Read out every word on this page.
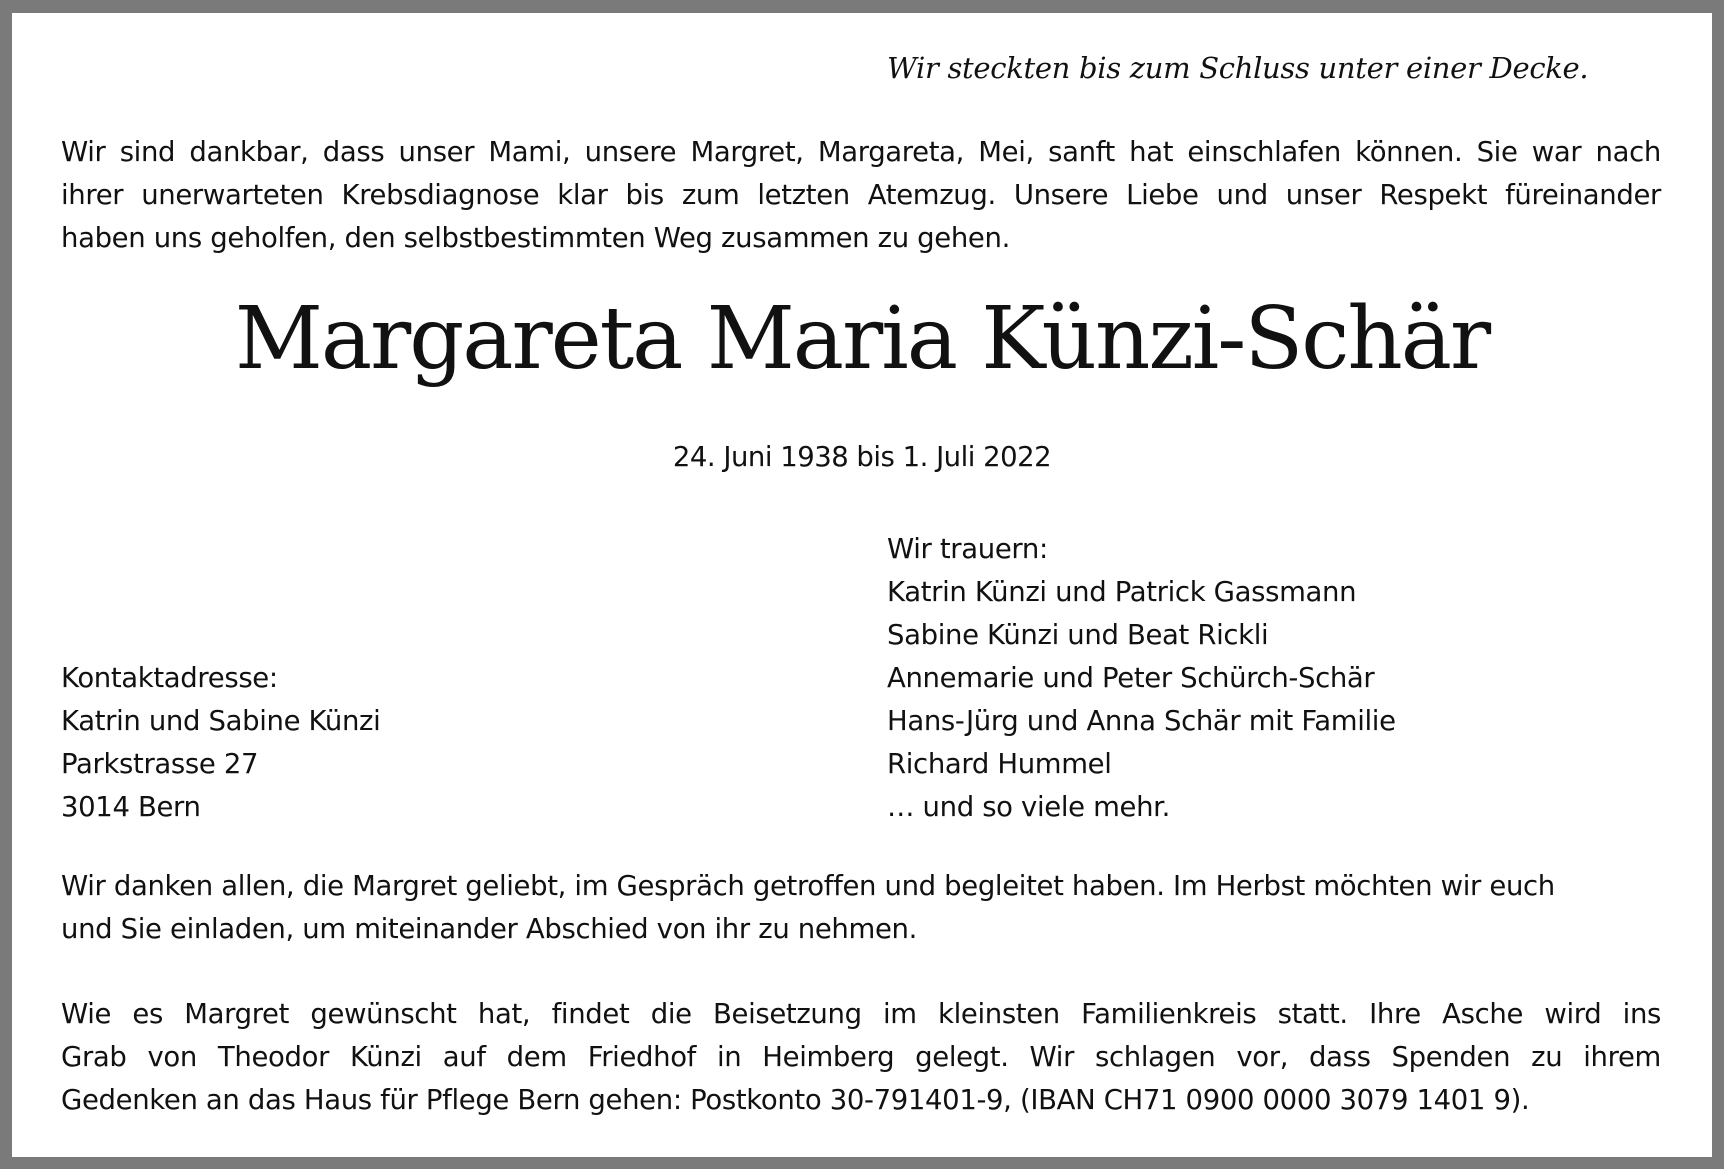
Wir steckten bis zum Schluss unter einer Decke.
Wir sind dankbar, dass unser Mami, unsere Margret, Margareta, Mei, sanft hat einschlafen können. Sie war nach
ihrer unerwarteten Krebsdiagnose klar bis zum letzten Atemzug. Unsere Liebe und unser Respekt füreinander
haben uns geholfen, den selbstbestimmten Weg zusammen zu gehen.
Margareta Maria Künzi-Schär
24. Juni 1938 bis 1. Juli 2022
Wir trauern:
Katrin Künzi und Patrick Gassmann
Sabine Künzi und Beat Rickli
Annemarie und Peter Schürch-Schär
Hans-Jürg und Anna Schär mit Familie
Richard Hummel
… und so viele mehr.
Kontaktadresse:
Katrin und Sabine Künzi
Parkstrasse 27
3014 Bern
Wir danken allen, die Margret geliebt, im Gespräch getroffen und begleitet haben. Im Herbst möchten wir euch
und Sie einladen, um miteinander Abschied von ihr zu nehmen.
Wie es Margret gewünscht hat, findet die Beisetzung im kleinsten Familienkreis statt. Ihre Asche wird ins
Grab von Theodor Künzi auf dem Friedhof in Heimberg gelegt. Wir schlagen vor, dass Spenden zu ihrem
Gedenken an das Haus für Pflege Bern gehen: Postkonto 30-791401-9, (IBAN CH71 0900 0000 3079 1401 9).
